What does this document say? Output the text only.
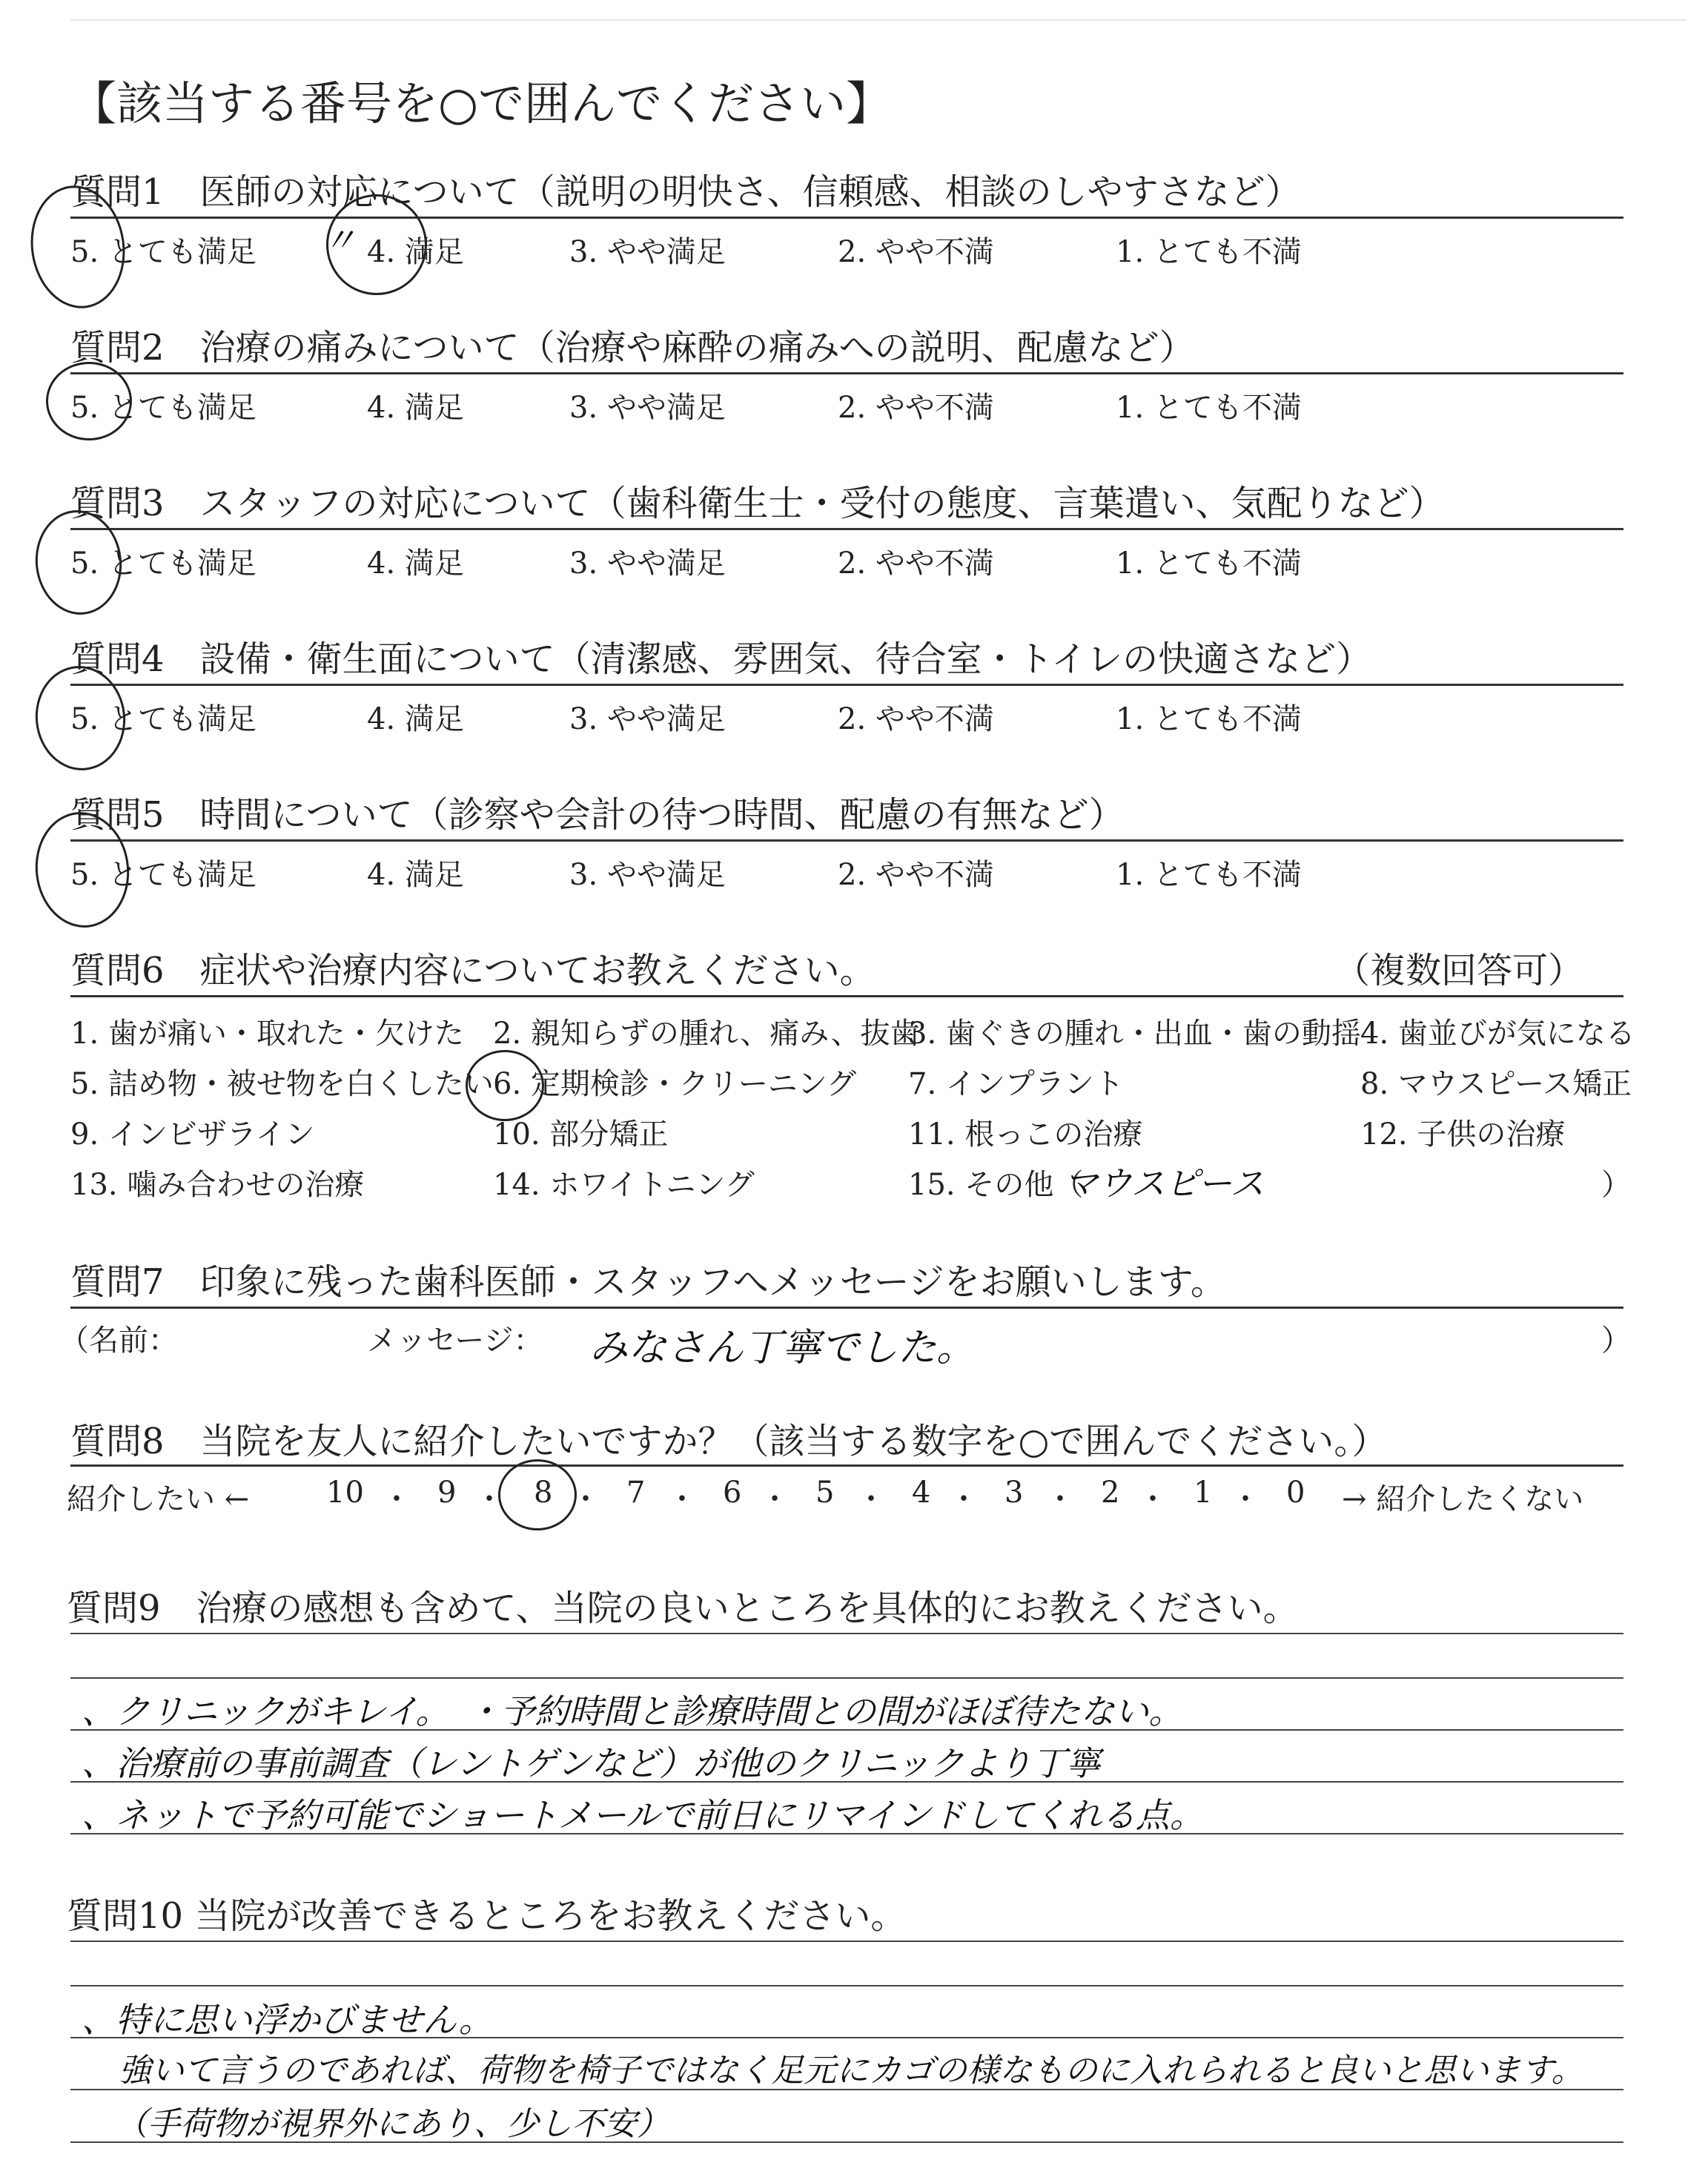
【該当する番号を○で囲んでください】
質問1　医師の対応について（説明の明快さ、信頼感、相談のしやすさなど）
5. とても満足	4. 満足	3. やや満足	2. やや不満	1. とても不満
〃
質問2　治療の痛みについて（治療や麻酔の痛みへの説明、配慮など）
5. とても満足	4. 満足	3. やや満足	2. やや不満	1. とても不満
質問3　スタッフの対応について（歯科衛生士・受付の態度、言葉遣い、気配りなど）
5. とても満足	4. 満足	3. やや満足	2. やや不満	1. とても不満
質問4　設備・衛生面について（清潔感、雰囲気、待合室・トイレの快適さなど）
5. とても満足	4. 満足	3. やや満足	2. やや不満	1. とても不満
質問5　時間について（診察や会計の待つ時間、配慮の有無など）
5. とても満足	4. 満足	3. やや満足	2. やや不満	1. とても不満
質問6　症状や治療内容についてお教えください。	（複数回答可）
1. 歯が痛い・取れた・欠けた 2. 親知らずの腫れ、痛み、抜歯
3. 歯ぐきの腫れ・出血・歯の動揺 4. 歯並びが気になる
5. 詰め物・被せ物を白くしたい 6. 定期検診・クリーニング 7. インプラント	8. マウスピース矯正
9. インビザライン	10. 部分矯正	11. 根っこの治療	12. 子供の治療
13. 噛み合わせの治療	14. ホワイトニング	15. その他（
マウスピース	）
質問7　印象に残った歯科医師・スタッフへメッセージをお願いします。
（名前：	メッセージ： みなさん丁寧でした。	）
質問8　当院を友人に紹介したいですか？（該当する数字を○で囲んでください。）
紹介したい ←	10 ・ 9 ・ 8 ・ 7 ・ 6 ・ 5 ・ 4 ・ 3 ・ 2 ・ 1 ・ 0 → 紹介したくない
質問9　治療の感想も含めて、当院の良いところを具体的にお教えください。
、クリニックがキレイ。　・予約時間と診療時間との間がほぼ待たない。
、治療前の事前調査（レントゲンなど）が他のクリニックより丁寧
、ネットで予約可能でショートメールで前日にリマインドしてくれる点。
質問10 当院が改善できるところをお教えください。
、特に思い浮かびません。
強いて言うのであれば、荷物を椅子ではなく足元にカゴの様なものに入れられると良いと思います。
（手荷物が視界外にあり、少し不安）
